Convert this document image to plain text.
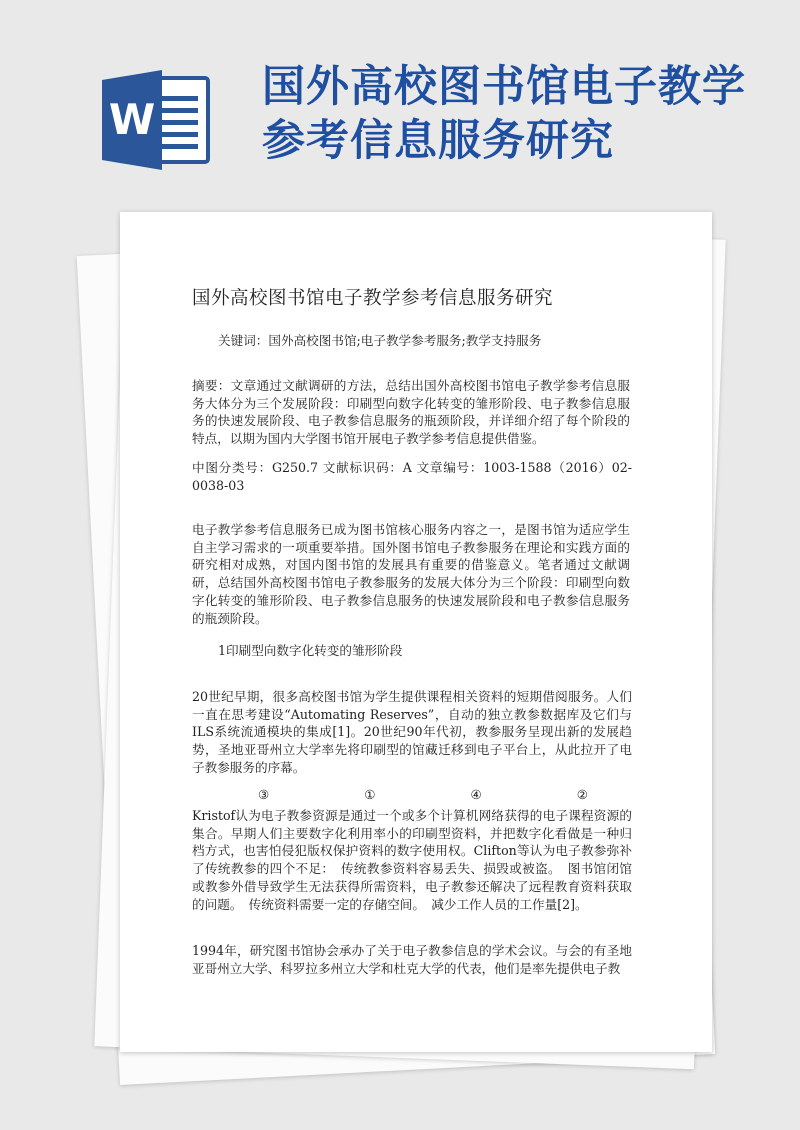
W
国外高校图书馆电子教学参考信息服务研究
国外高校图书馆电子教学参考信息服务研究
关键词：国外高校图书馆;电子教学参考服务;教学支持服务
摘要：文章通过文献调研的方法，总结出国外高校图书馆电子教学参考信息服务大体分为三个发展阶段：印刷型向数字化转变的雏形阶段、电子教参信息服务的快速发展阶段、电子教参信息服务的瓶颈阶段，并详细介绍了每个阶段的特点，以期为国内大学图书馆开展电子教学参考信息提供借鉴。
中图分类号：G250.7 文献标识码：A 文章编号：1003-1588（2016）02-0038-03
电子教学参考信息服务已成为图书馆核心服务内容之一，是图书馆为适应学生自主学习需求的一项重要举措。国外图书馆电子教参服务在理论和实践方面的研究相对成熟，对国内图书馆的发展具有重要的借鉴意义。笔者通过文献调研，总结国外高校图书馆电子教参服务的发展大体分为三个阶段：印刷型向数字化转变的雏形阶段、电子教参信息服务的快速发展阶段和电子教参信息服务的瓶颈阶段。
1印刷型向数字化转变的雏形阶段
20世纪早期，很多高校图书馆为学生提供课程相关资料的短期借阅服务。人们一直在思考建设“Automating Reserves”，自动的独立教参数据库及它们与ILS系统流通模块的集成[1]。20世纪90年代初，教参服务呈现出新的发展趋势，圣地亚哥州立大学率先将印刷型的馆藏迁移到电子平台上，从此拉开了电子教参服务的序幕。
③	①	④	②
Kristof认为电子教参资源是通过一个或多个计算机网络获得的电子课程资源的集合。早期人们主要数字化利用率小的印刷型资料，并把数字化看做是一种归档方式，也害怕侵犯版权保护资料的数字使用权。Clifton等认为电子教参弥补了传统教参的四个不足：　传统教参资料容易丢失、损毁或被盗。　图书馆闭馆或教参外借导致学生无法获得所需资料，电子教参还解决了远程教育资料获取的问题。　传统资料需要一定的存储空间。　减少工作人员的工作量[2]。
1994年，研究图书馆协会承办了关于电子教参信息的学术会议。与会的有圣地亚哥州立大学、科罗拉多州立大学和杜克大学的代表，他们是率先提供电子教
